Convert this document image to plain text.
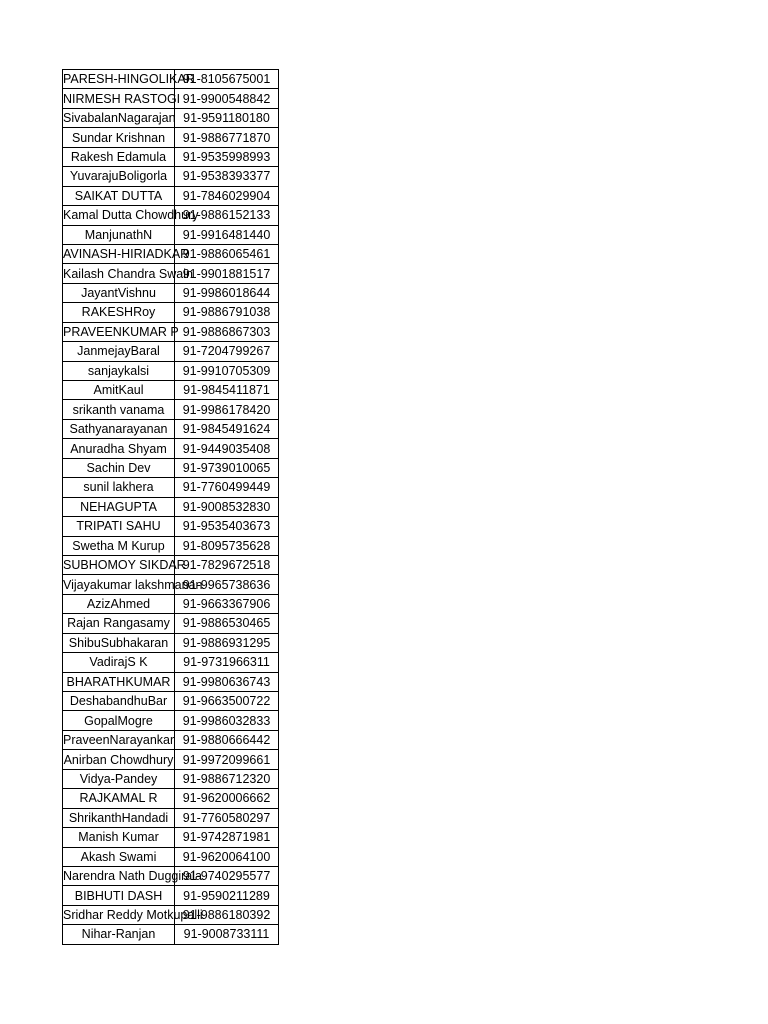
PARESH-HINGOLIKAR	91-8105675001
NIRMESH RASTOGI	91-9900548842
SivabalanNagarajan	91-9591180180
Sundar Krishnan	91-9886771870
Rakesh Edamula	91-9535998993
YuvarajuBoligorla	91-9538393377
SAIKAT DUTTA	91-7846029904
Kamal Dutta Chowdhury	91-9886152133
ManjunathN	91-9916481440
AVINASH-HIRIADKAR	91-9886065461
Kailash Chandra Swain	91-9901881517
JayantVishnu	91-9986018644
RAKESHRoy	91-9886791038
PRAVEENKUMAR P	91-9886867303
JanmejayBaral	91-7204799267
sanjaykalsi	91-9910705309
AmitKaul	91-9845411871
srikanth vanama	91-9986178420
Sathyanarayanan	91-9845491624
Anuradha Shyam	91-9449035408
Sachin Dev	91-9739010065
sunil lakhera	91-7760499449
NEHAGUPTA	91-9008532830
TRIPATI SAHU	91-9535403673
Swetha M Kurup	91-8095735628
SUBHOMOY SIKDAR	91-7829672518
Vijayakumar lakshmanan	91-9965738636
AzizAhmed	91-9663367906
Rajan Rangasamy	91-9886530465
ShibuSubhakaran	91-9886931295
VadirajS K	91-9731966311
BHARATHKUMAR	91-9980636743
DeshabandhuBar	91-9663500722
GopalMogre	91-9986032833
PraveenNarayankar	91-9880666442
Anirban Chowdhury	91-9972099661
Vidya-Pandey	91-9886712320
RAJKAMAL R	91-9620006662
ShrikanthHandadi	91-7760580297
Manish Kumar	91-9742871981
Akash Swami	91-9620064100
Narendra Nath Duggirala	91-9740295577
BIBHUTI DASH	91-9590211289
Sridhar Reddy Motkupalli	91-9886180392
Nihar-Ranjan	91-9008733111
